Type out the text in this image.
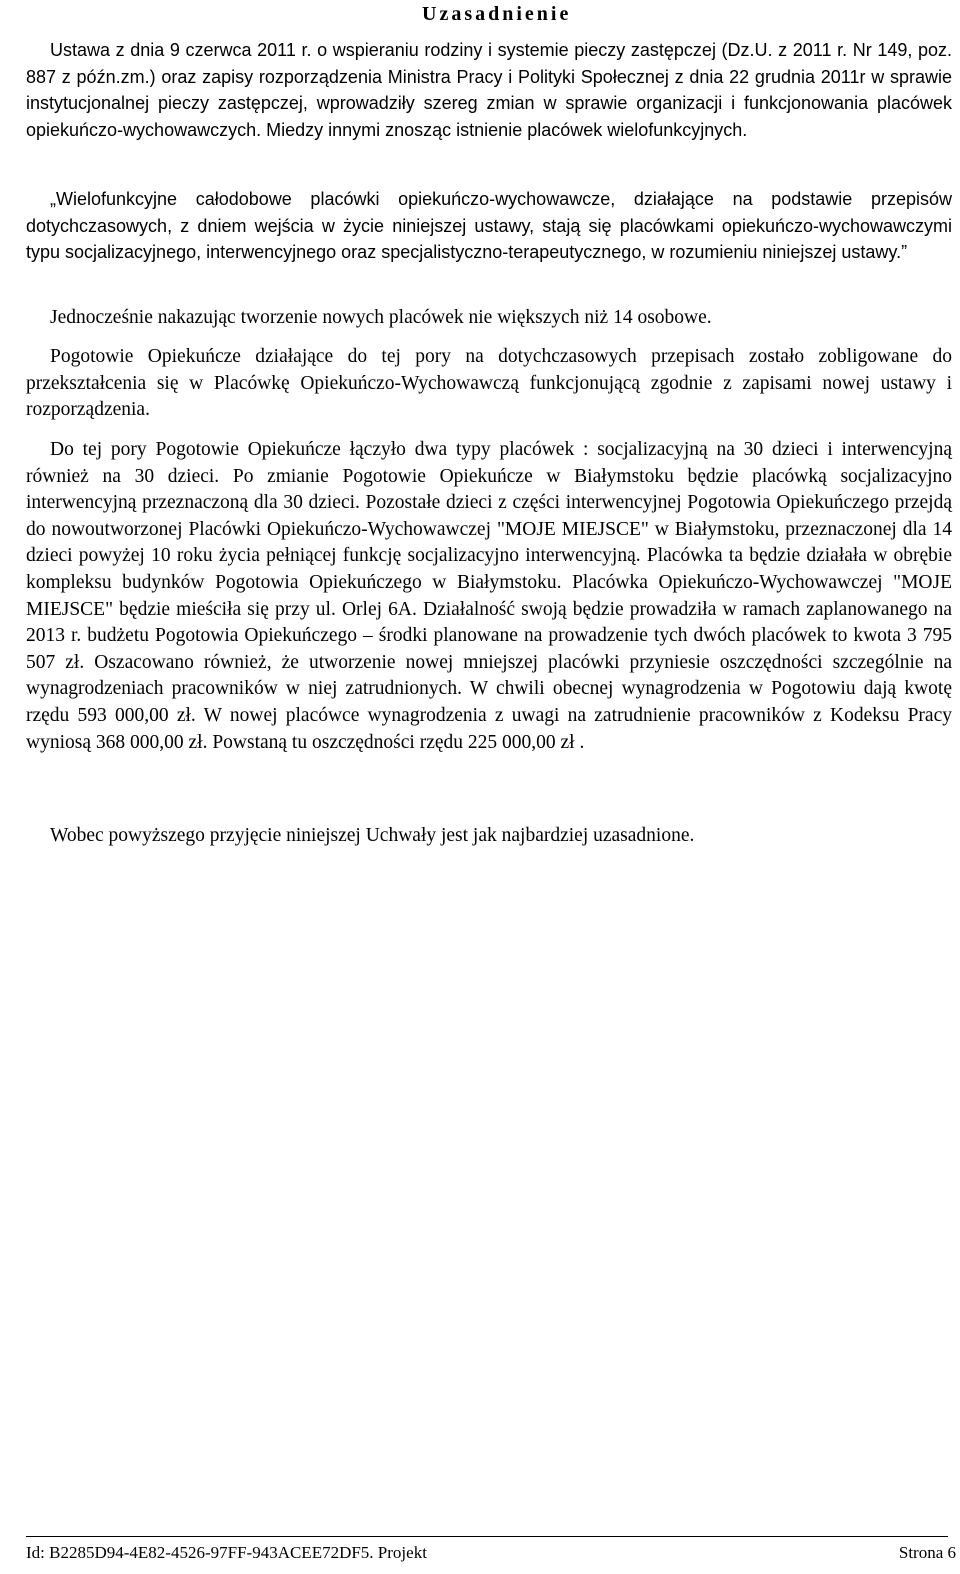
Uzasadnienie

Ustawa z dnia 9 czerwca 2011 r. o wspieraniu rodziny i systemie pieczy zastępczej (Dz.U. z 2011 r. Nr 149, poz. 887 z późn.zm.) oraz zapisy rozporządzenia Ministra Pracy i Polityki Społecznej z dnia 22 grudnia 2011r w sprawie instytucjonalnej pieczy zastępczej, wprowadziły szereg zmian w sprawie organizacji i funkcjonowania placówek opiekuńczo-wychowawczych. Miedzy innymi znosząc istnienie placówek wielofunkcyjnych.

„Wielofunkcyjne całodobowe placówki opiekuńczo-wychowawcze, działające na podstawie przepisów dotychczasowych, z dniem wejścia w życie niniejszej ustawy, stają się placówkami opiekuńczo-wychowawczymi typu socjalizacyjnego, interwencyjnego oraz specjalistyczno-terapeutycznego, w rozumieniu niniejszej ustawy.”

Jednocześnie nakazując tworzenie nowych placówek nie większych niż 14 osobowe.

Pogotowie Opiekuńcze działające do tej pory na dotychczasowych przepisach zostało zobligowane do przekształcenia się w Placówkę Opiekuńczo-Wychowawczą funkcjonującą zgodnie z zapisami nowej ustawy i rozporządzenia.

Do tej pory Pogotowie Opiekuńcze łączyło dwa typy placówek : socjalizacyjną na 30 dzieci i interwencyjną również na 30 dzieci. Po zmianie Pogotowie Opiekuńcze w Białymstoku będzie placówką socjalizacyjno interwencyjną przeznaczoną dla 30 dzieci. Pozostałe dzieci z części interwencyjnej Pogotowia Opiekuńczego przejdą do nowoutworzonej Placówki Opiekuńczo-Wychowawczej "MOJE MIEJSCE" w Białymstoku, przeznaczonej dla 14 dzieci powyżej 10 roku życia pełniącej funkcję socjalizacyjno interwencyjną. Placówka ta będzie działała w obrębie kompleksu budynków Pogotowia Opiekuńczego w Białymstoku. Placówka Opiekuńczo-Wychowawczej "MOJE MIEJSCE" będzie mieściła się przy ul. Orlej 6A. Działalność swoją będzie prowadziła w ramach zaplanowanego na 2013 r. budżetu Pogotowia Opiekuńczego – środki planowane na prowadzenie tych dwóch placówek to kwota 3 795 507 zł. Oszacowano również, że utworzenie nowej mniejszej placówki przyniesie oszczędności szczególnie na wynagrodzeniach pracowników w niej zatrudnionych. W chwili obecnej wynagrodzenia w Pogotowiu dają kwotę rzędu 593 000,00 zł. W nowej placówce wynagrodzenia z uwagi na zatrudnienie pracowników z Kodeksu Pracy wyniosą 368 000,00 zł. Powstaną tu oszczędności rzędu 225 000,00 zł .

Wobec powyższego przyjęcie niniejszej Uchwały jest jak najbardziej uzasadnione.

Id: B2285D94-4E82-4526-97FF-943ACEE72DF5. Projekt	Strona 6
